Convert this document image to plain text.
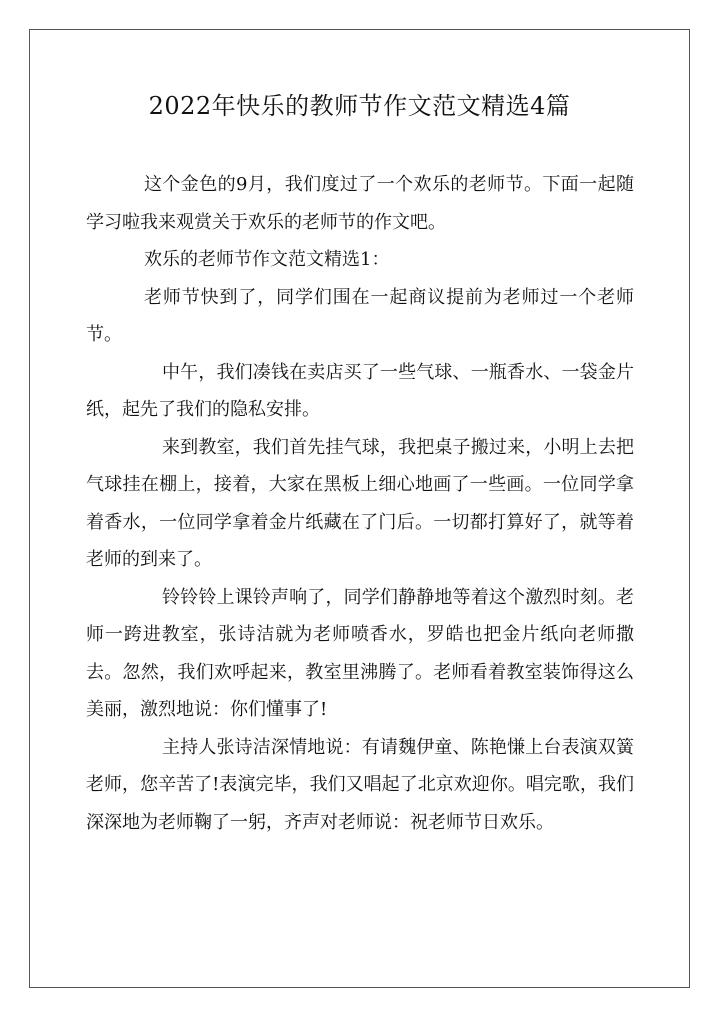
2022年快乐的教师节作文范文精选4篇

这个金色的9月，我们度过了一个欢乐的老师节。下面一起随学习啦我来观赏关于欢乐的老师节的作文吧。

欢乐的老师节作文范文精选1：

老师节快到了，同学们围在一起商议提前为老师过一个老师节。

中午，我们凑钱在卖店买了一些气球、一瓶香水、一袋金片纸，起先了我们的隐私安排。

来到教室，我们首先挂气球，我把桌子搬过来，小明上去把气球挂在棚上，接着，大家在黑板上细心地画了一些画。一位同学拿着香水，一位同学拿着金片纸藏在了门后。一切都打算好了，就等着老师的到来了。

铃铃铃上课铃声响了，同学们静静地等着这个激烈时刻。老师一跨进教室，张诗洁就为老师喷香水，罗皓也把金片纸向老师撒去。忽然，我们欢呼起来，教室里沸腾了。老师看着教室装饰得这么美丽，激烈地说：你们懂事了!

主持人张诗洁深情地说：有请魏伊童、陈艳慊上台表演双簧老师，您辛苦了!表演完毕，我们又唱起了北京欢迎你。唱完歌，我们深深地为老师鞠了一躬，齐声对老师说：祝老师节日欢乐。
